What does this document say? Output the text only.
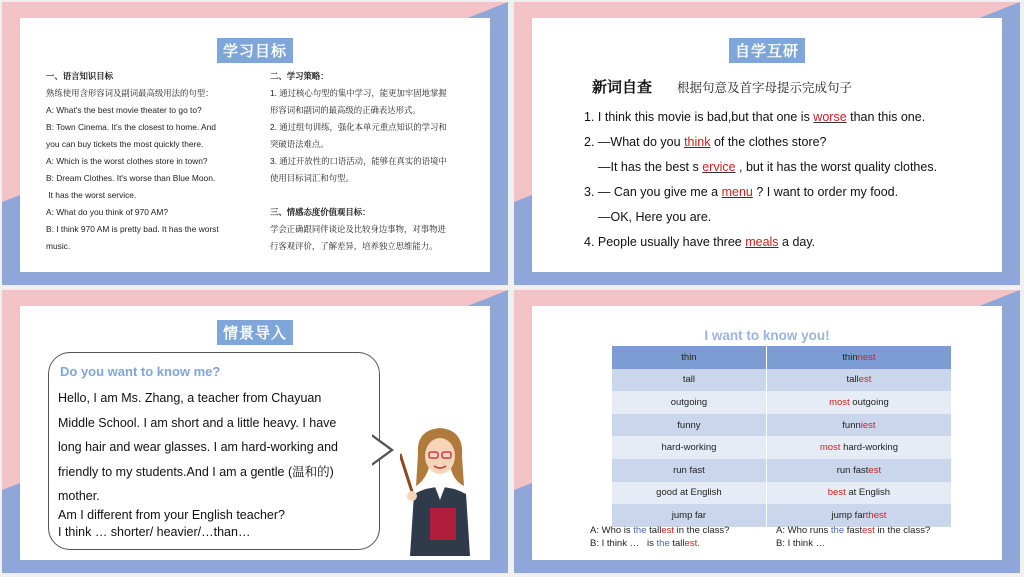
学习目标
一、语言知识目标
熟练使用含形容词及副词最高级用法的句型：
A: What's the best movie theater to go to?
B: Town Cinema. It's the closest to home. And
you can buy tickets the most quickly there.
A: Which is the worst clothes store in town?
B: Dream Clothes. It's worse than Blue Moon.
It has the worst service.
A: What do you think of 970 AM?
B: I think 970 AM is pretty bad. It has the worst
music.
二、学习策略：
1. 通过核心句型的集中学习，能更加牢固地掌握
形容词和副词的最高级的正确表达形式。
2. 通过组句训练，强化本单元重点知识的学习和
突破语法难点。
3. 通过开放性的口语活动，能够在真实的语境中
使用目标词汇和句型。
三、情感态度价值观目标：
学会正确跟同伴谈论及比较身边事物，对事物进
行客观评价，了解差异，培养独立思维能力。
自学互研
新词自查 根据句意及首字母提示完成句子
1. I think this movie is bad,but that one is worse than this one.
2. —What do you think of the clothes store?
—It has the best s ervice , but it has the worst quality clothes.
3. — Can you give me a menu ? I want to order my food.
—OK, Here you are.
4. People usually have three meals a day.
情景导入
Do you want to know me?
Hello, I am Ms. Zhang, a teacher from Chayuan Middle School. I am short and a little heavy. I have long hair and wear glasses. I am hard-working and friendly to my students.And I am a gentle (温和的) mother.
Am I different from your English teacher?
I think … shorter/ heavier/…than…
I want to know you!
thin	thinnest
tall	tallest
outgoing	most outgoing
funny	funniest
hard-working	most hard-working
run fast	run fastest
good at English	best at English
jump far	jump farthest
A: Who is the tallest in the class?
B: I think …   is the tallest.
A: Who runs the fastest in the class?
B: I think …
